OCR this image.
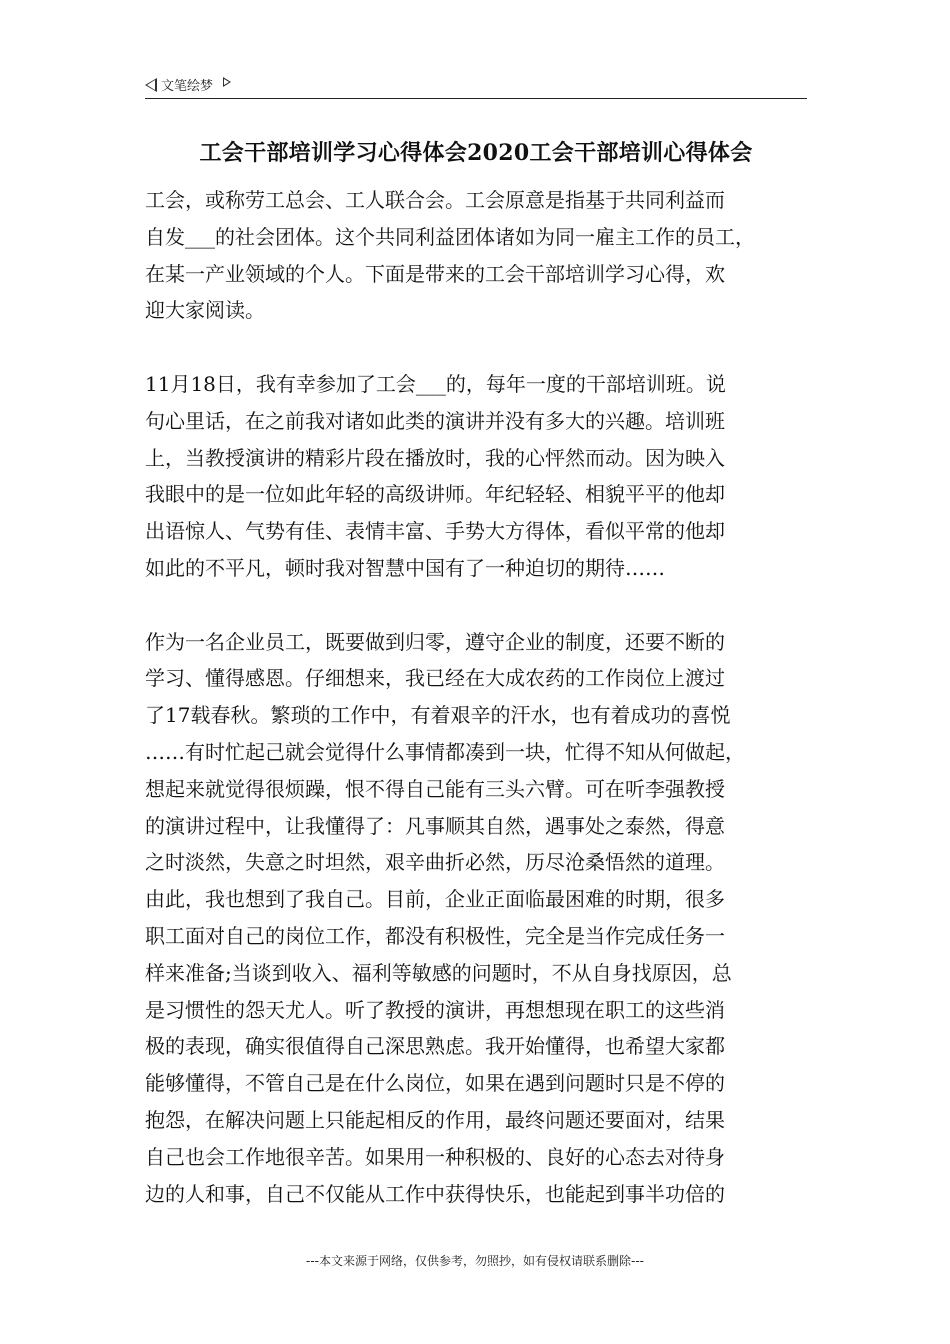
文笔绘梦
工会干部培训学习心得体会2020工会干部培训心得体会

工会，或称劳工总会、工人联合会。工会原意是指基于共同利益而
自发___的社会团体。这个共同利益团体诸如为同一雇主工作的员工，
在某一产业领域的个人。下面是带来的工会干部培训学习心得，欢
迎大家阅读。

11月18日，我有幸参加了工会___的，每年一度的干部培训班。说
句心里话，在之前我对诸如此类的演讲并没有多大的兴趣。培训班
上，当教授演讲的精彩片段在播放时，我的心怦然而动。因为映入
我眼中的是一位如此年轻的高级讲师。年纪轻轻、相貌平平的他却
出语惊人、气势有佳、表情丰富、手势大方得体，看似平常的他却
如此的不平凡，顿时我对智慧中国有了一种迫切的期待……

作为一名企业员工，既要做到归零，遵守企业的制度，还要不断的
学习、懂得感恩。仔细想来，我已经在大成农药的工作岗位上渡过
了17载春秋。繁琐的工作中，有着艰辛的汗水，也有着成功的喜悦
……有时忙起己就会觉得什么事情都凑到一块，忙得不知从何做起，
想起来就觉得很烦躁，恨不得自己能有三头六臂。可在听李强教授
的演讲过程中，让我懂得了：凡事顺其自然，遇事处之泰然，得意
之时淡然，失意之时坦然，艰辛曲折必然，历尽沧桑悟然的道理。
由此，我也想到了我自己。目前，企业正面临最困难的时期，很多
职工面对自己的岗位工作，都没有积极性，完全是当作完成任务一
样来准备;当谈到收入、福利等敏感的问题时，不从自身找原因，总
是习惯性的怨天尤人。听了教授的演讲，再想想现在职工的这些消
极的表现，确实很值得自己深思熟虑。我开始懂得，也希望大家都
能够懂得，不管自己是在什么岗位，如果在遇到问题时只是不停的
抱怨，在解决问题上只能起相反的作用，最终问题还要面对，结果
自己也会工作地很辛苦。如果用一种积极的、良好的心态去对待身
边的人和事，自己不仅能从工作中获得快乐，也能起到事半功倍的

---本文来源于网络，仅供参考，勿照抄，如有侵权请联系删除---
